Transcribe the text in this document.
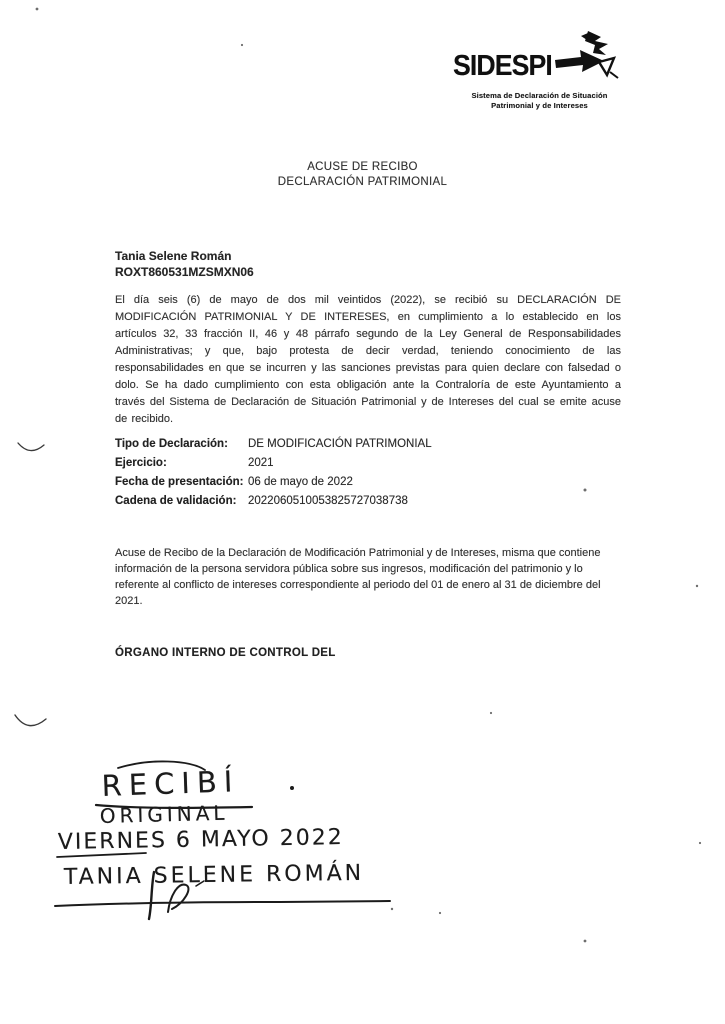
SIDESPI
Sistema de Declaración de Situación
Patrimonial y de Intereses
ACUSE DE RECIBO
DECLARACIÓN PATRIMONIAL
Tania Selene Román
ROXT860531MZSMXN06
El día seis (6) de mayo de dos mil veintidos (2022), se recibió su DECLARACIÓN DE MODIFICACIÓN PATRIMONIAL Y DE INTERESES, en cumplimiento a lo establecido en los artículos 32, 33 fracción II, 46 y 48 párrafo segundo de la Ley General de Responsabilidades Administrativas; y que, bajo protesta de decir verdad, teniendo conocimiento de las responsabilidades en que se incurren y las sanciones previstas para quien declare con falsedad o dolo. Se ha dado cumplimiento con esta obligación ante la Contraloría de este Ayuntamiento a través del Sistema de Declaración de Situación Patrimonial y de Intereses del cual se emite acuse de recibido.
Tipo de Declaración:	DE MODIFICACIÓN PATRIMONIAL
Ejercicio:	2021
Fecha de presentación: 06 de mayo de 2022
Cadena de validación:	2022060510053825727038738
Acuse de Recibo de la Declaración de Modificación Patrimonial y de Intereses, misma que contiene información de la persona servidora pública sobre sus ingresos, modificación del patrimonio y lo referente al conflicto de intereses correspondiente al periodo del 01 de enero al 31 de diciembre del 2021.
ÓRGANO INTERNO DE CONTROL DEL
RECIBÍ
ORIGINAL
VIERNES 6 MAYO 2022
TANIA SELENE ROMÁN
